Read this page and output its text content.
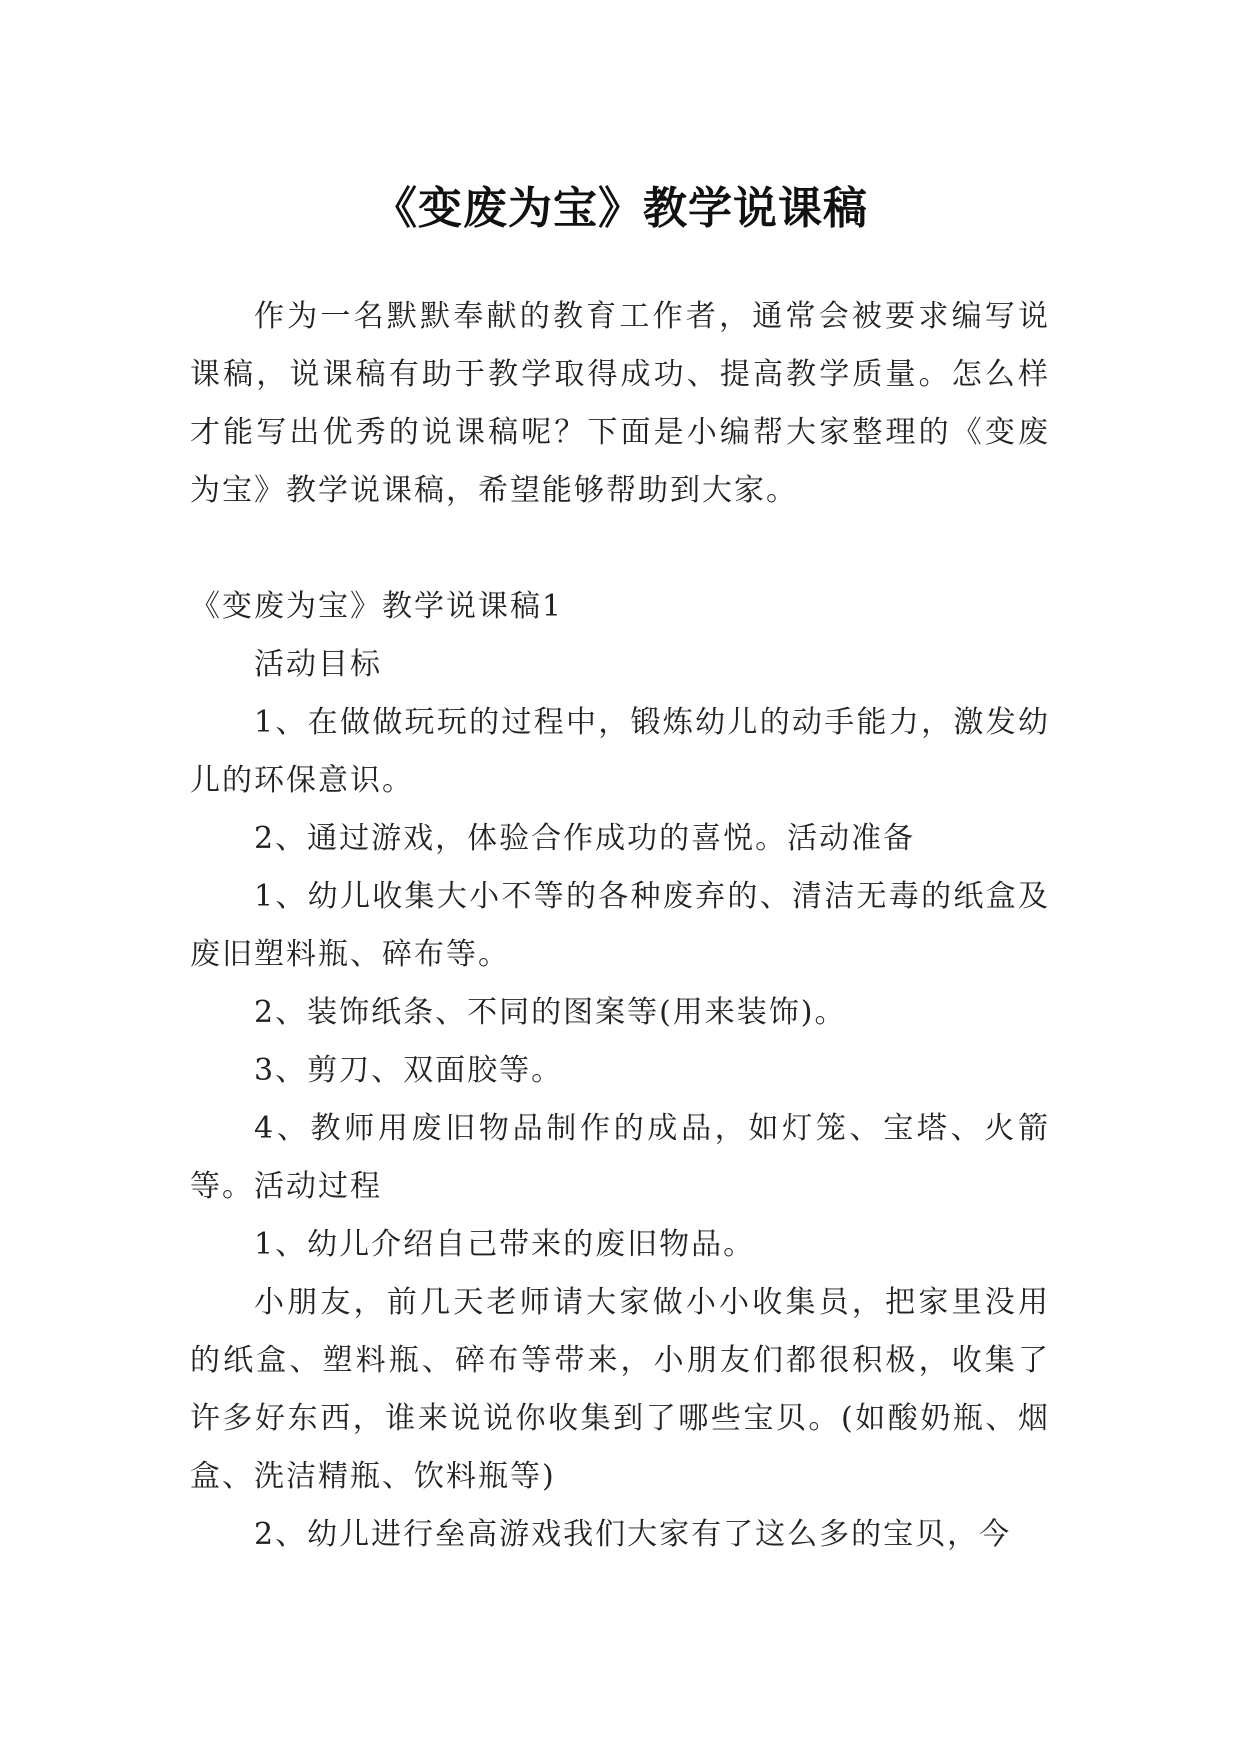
《变废为宝》教学说课稿

作为一名默默奉献的教育工作者，通常会被要求编写说课稿，说课稿有助于教学取得成功、提高教学质量。怎么样才能写出优秀的说课稿呢？下面是小编帮大家整理的《变废为宝》教学说课稿，希望能够帮助到大家。

《变废为宝》教学说课稿1

活动目标

1、在做做玩玩的过程中，锻炼幼儿的动手能力，激发幼儿的环保意识。

2、通过游戏，体验合作成功的喜悦。活动准备

1、幼儿收集大小不等的各种废弃的、清洁无毒的纸盒及废旧塑料瓶、碎布等。

2、装饰纸条、不同的图案等(用来装饰)。

3、剪刀、双面胶等。

4、教师用废旧物品制作的成品，如灯笼、宝塔、火箭等。活动过程

1、幼儿介绍自己带来的废旧物品。

小朋友，前几天老师请大家做小小收集员，把家里没用的纸盒、塑料瓶、碎布等带来，小朋友们都很积极，收集了许多好东西，谁来说说你收集到了哪些宝贝。(如酸奶瓶、烟盒、洗洁精瓶、饮料瓶等)

2、幼儿进行垒高游戏我们大家有了这么多的宝贝，今
